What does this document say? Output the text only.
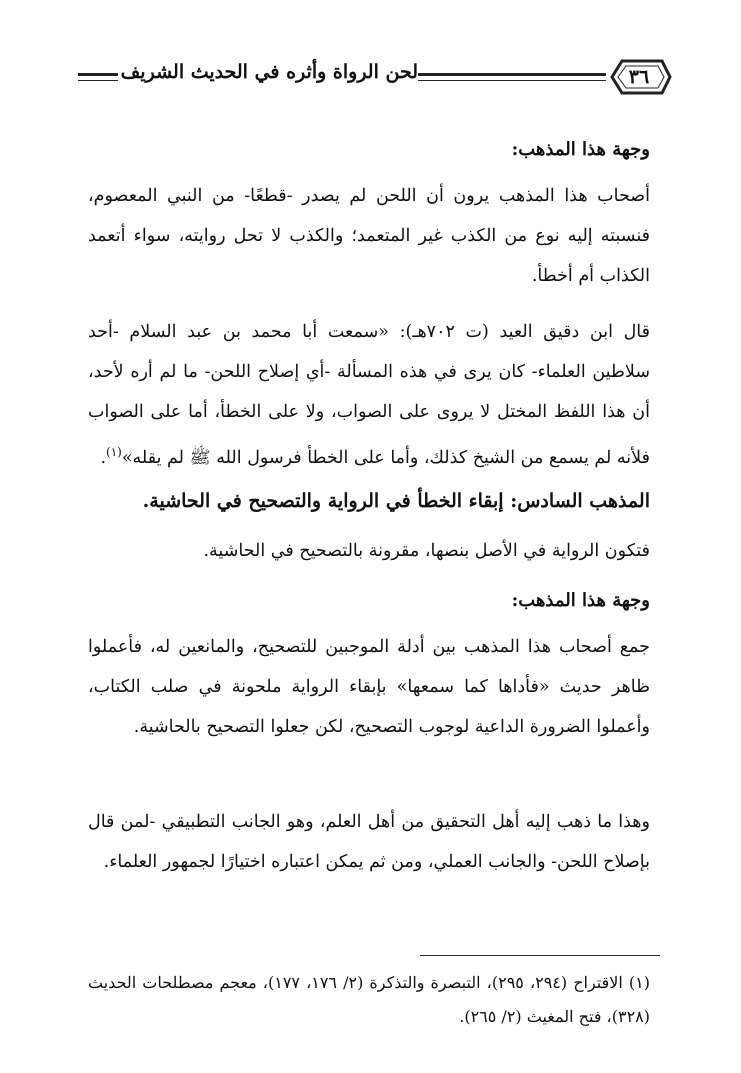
لحن الرواة وأثره في الحديث الشريف	٣٦
وجهة هذا المذهب:
أصحاب هذا المذهب يرون أن اللحن لم يصدر -قطعًا- من النبي المعصوم، فنسبته إليه نوع من الكذب غير المتعمد؛ والكذب لا تحل روايته، سواء أتعمد الكذاب أم أخطأ.
قال ابن دقيق العيد (ت ٧٠٢هـ): «سمعت أبا محمد بن عبد السلام -أحد سلاطين العلماء- كان يرى في هذه المسألة -أي إصلاح اللحن- ما لم أره لأحد، أن هذا اللفظ المختل لا يروى على الصواب، ولا على الخطأ، أما على الصواب فلأنه لم يسمع من الشيخ كذلك، وأما على الخطأ فرسول الله ﷺ لم يقله»$^{(١)}$.
المذهب السادس: إبقاء الخطأ في الرواية والتصحيح في الحاشية.
فتكون الرواية في الأصل بنصها، مقرونة بالتصحيح في الحاشية.
وجهة هذا المذهب:
جمع أصحاب هذا المذهب بين أدلة الموجبين للتصحيح، والمانعين له، فأعملوا ظاهر حديث «فأداها كما سمعها» بإبقاء الرواية ملحونة في صلب الكتاب، وأعملوا الضرورة الداعية لوجوب التصحيح، لكن جعلوا التصحيح بالحاشية.
وهذا ما ذهب إليه أهل التحقيق من أهل العلم، وهو الجانب التطبيقي -لمن قال بإصلاح اللحن- والجانب العملي، ومن ثم يمكن اعتباره اختيارًا لجمهور العلماء.
(١) الاقتراح (٢٩٤، ٢٩٥)، التبصرة والتذكرة (٢/ ١٧٦، ١٧٧)، معجم مصطلحات الحديث (٣٢٨)، فتح المغيث (٢/ ٢٦٥).
